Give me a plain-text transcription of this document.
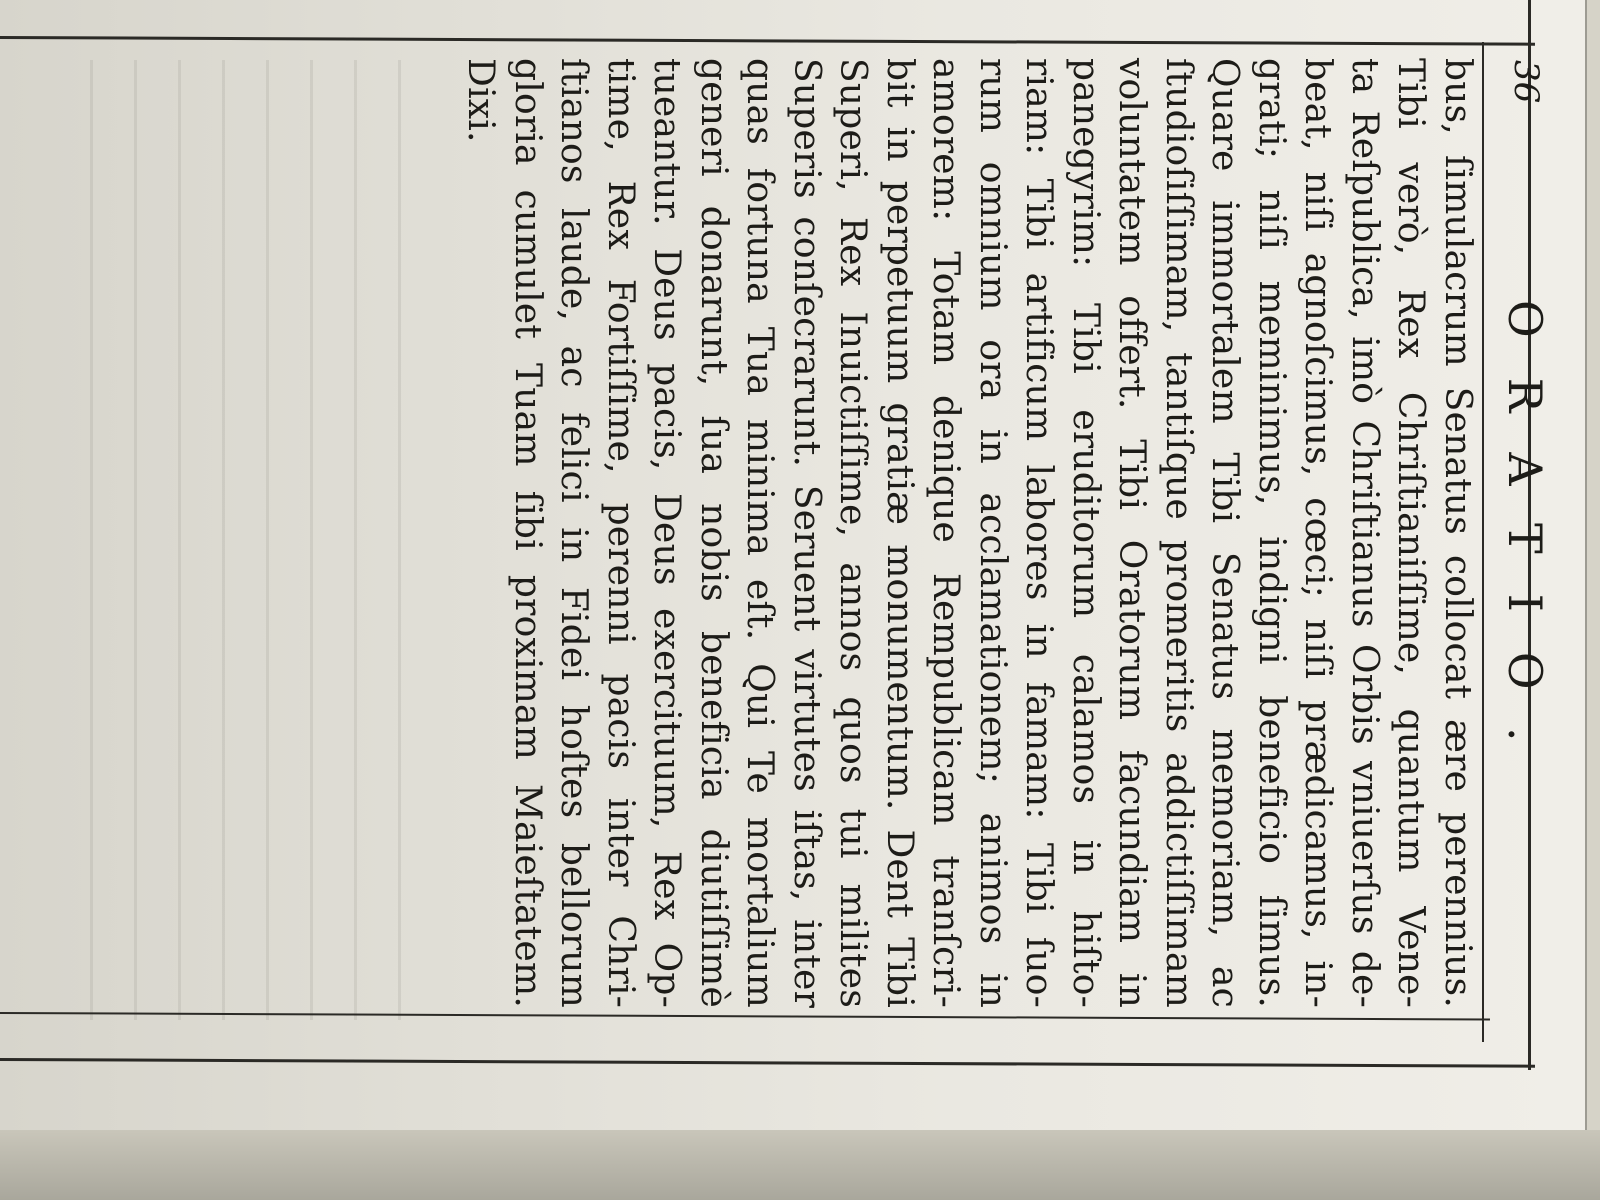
36
ORATIO.
bus, ſimulacrum Senatus collocat ære perennius.
Tibi verò, Rex Chriſtianiſſime, quantum Vene-
ta Reſpublica, imò Chriſtianus Orbis vniuerſus de-
beat, niſi agnoſcimus, cœci; niſi prædicamus, in-
grati; niſi meminimus, indigni beneficio ſimus.
Quare immortalem Tibi Senatus memoriam, ac
ſtudioſiſſimam, tantiſque promeritis addictiſſimam
voluntatem offert. Tibi Oratorum facundiam in
panegyrim: Tibi eruditorum calamos in hiſto-
riam: Tibi artificum labores in famam: Tibi ſuo-
rum omnium ora in acclamationem; animos in
amorem: Totam denique Rempublicam tranſcri-
bit in perpetuum gratiæ monumentum. Dent Tibi
Superi, Rex Inuictiſſime, annos quos tui milites
Superis conſecrarunt. Seruent virtutes iſtas, inter
quas fortuna Tua minima eſt. Qui Te mortalium
generi donarunt, ſua nobis beneficia diutiſſimè
tueantur. Deus pacis, Deus exercituum, Rex Op-
time, Rex Fortiſſime, perenni pacis inter Chri-
ſtianos laude, ac felici in Fidei hoſtes bellorum
gloria cumulet Tuam ſibi proximam Maieſtatem.
Dixi.
